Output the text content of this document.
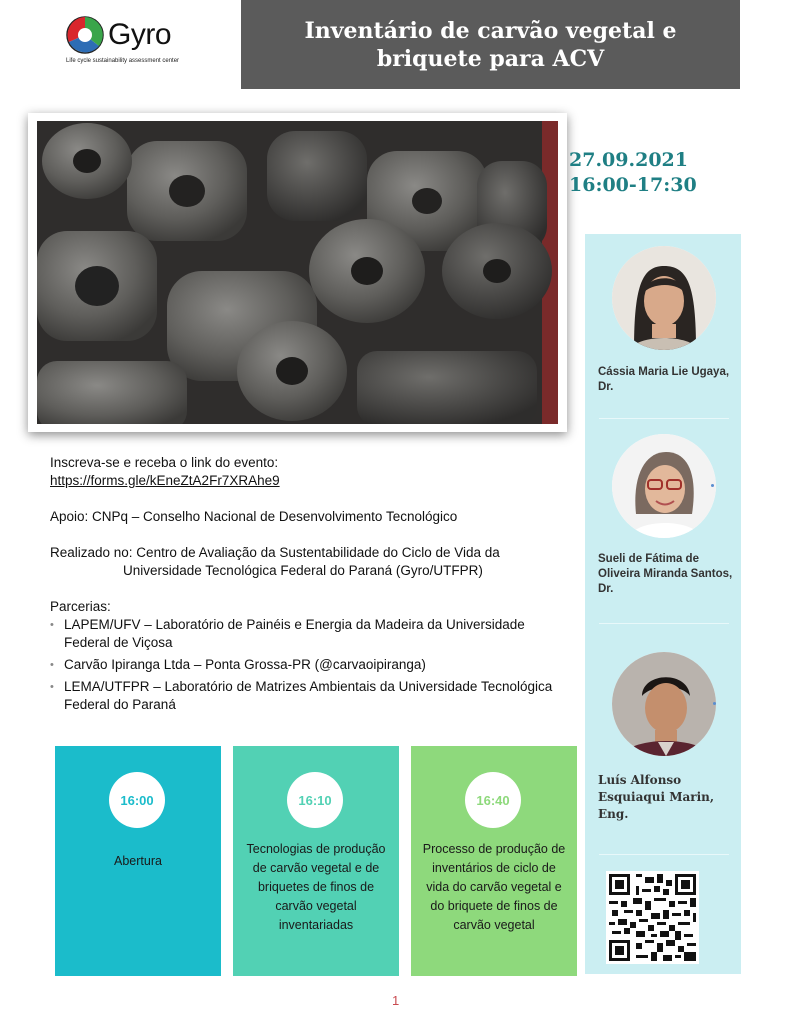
Gyro
Life cycle sustainability assessment center
Inventário de carvão vegetal e briquete para ACV
27.09.2021
16:00-17:30

Inscreva-se e receba o link do evento:

https://forms.gle/kEneZtA2Fr7XRAhe9

Apoio: CNPq – Conselho Nacional de Desenvolvimento Tecnológico

Realizado no: Centro de Avaliação da Sustentabilidade do Ciclo de Vida da

Universidade Tecnológica Federal do Paraná (Gyro/UTFPR)

Parcerias:

• LAPEM/UFV – Laboratório de Painéis e Energia da Madeira da Universidade Federal de Viçosa
• Carvão Ipiranga Ltda – Ponta Grossa-PR (@carvaoipiranga)
• LEMA/UTFPR – Laboratório de Matrizes Ambientais da Universidade Tecnológica Federal do Paraná
Cássia Maria Lie Ugaya, Dr.
Sueli de Fátima de Oliveira Miranda Santos, Dr.
Luís Alfonso Esquiaqui Marin, Eng.
16:00
Abertura
16:10
Tecnologias de produção de carvão vegetal e de briquetes de finos de carvão vegetal inventariadas
16:40
Processo de produção de inventários de ciclo de vida do carvão vegetal e do briquete de finos de carvão vegetal
1
